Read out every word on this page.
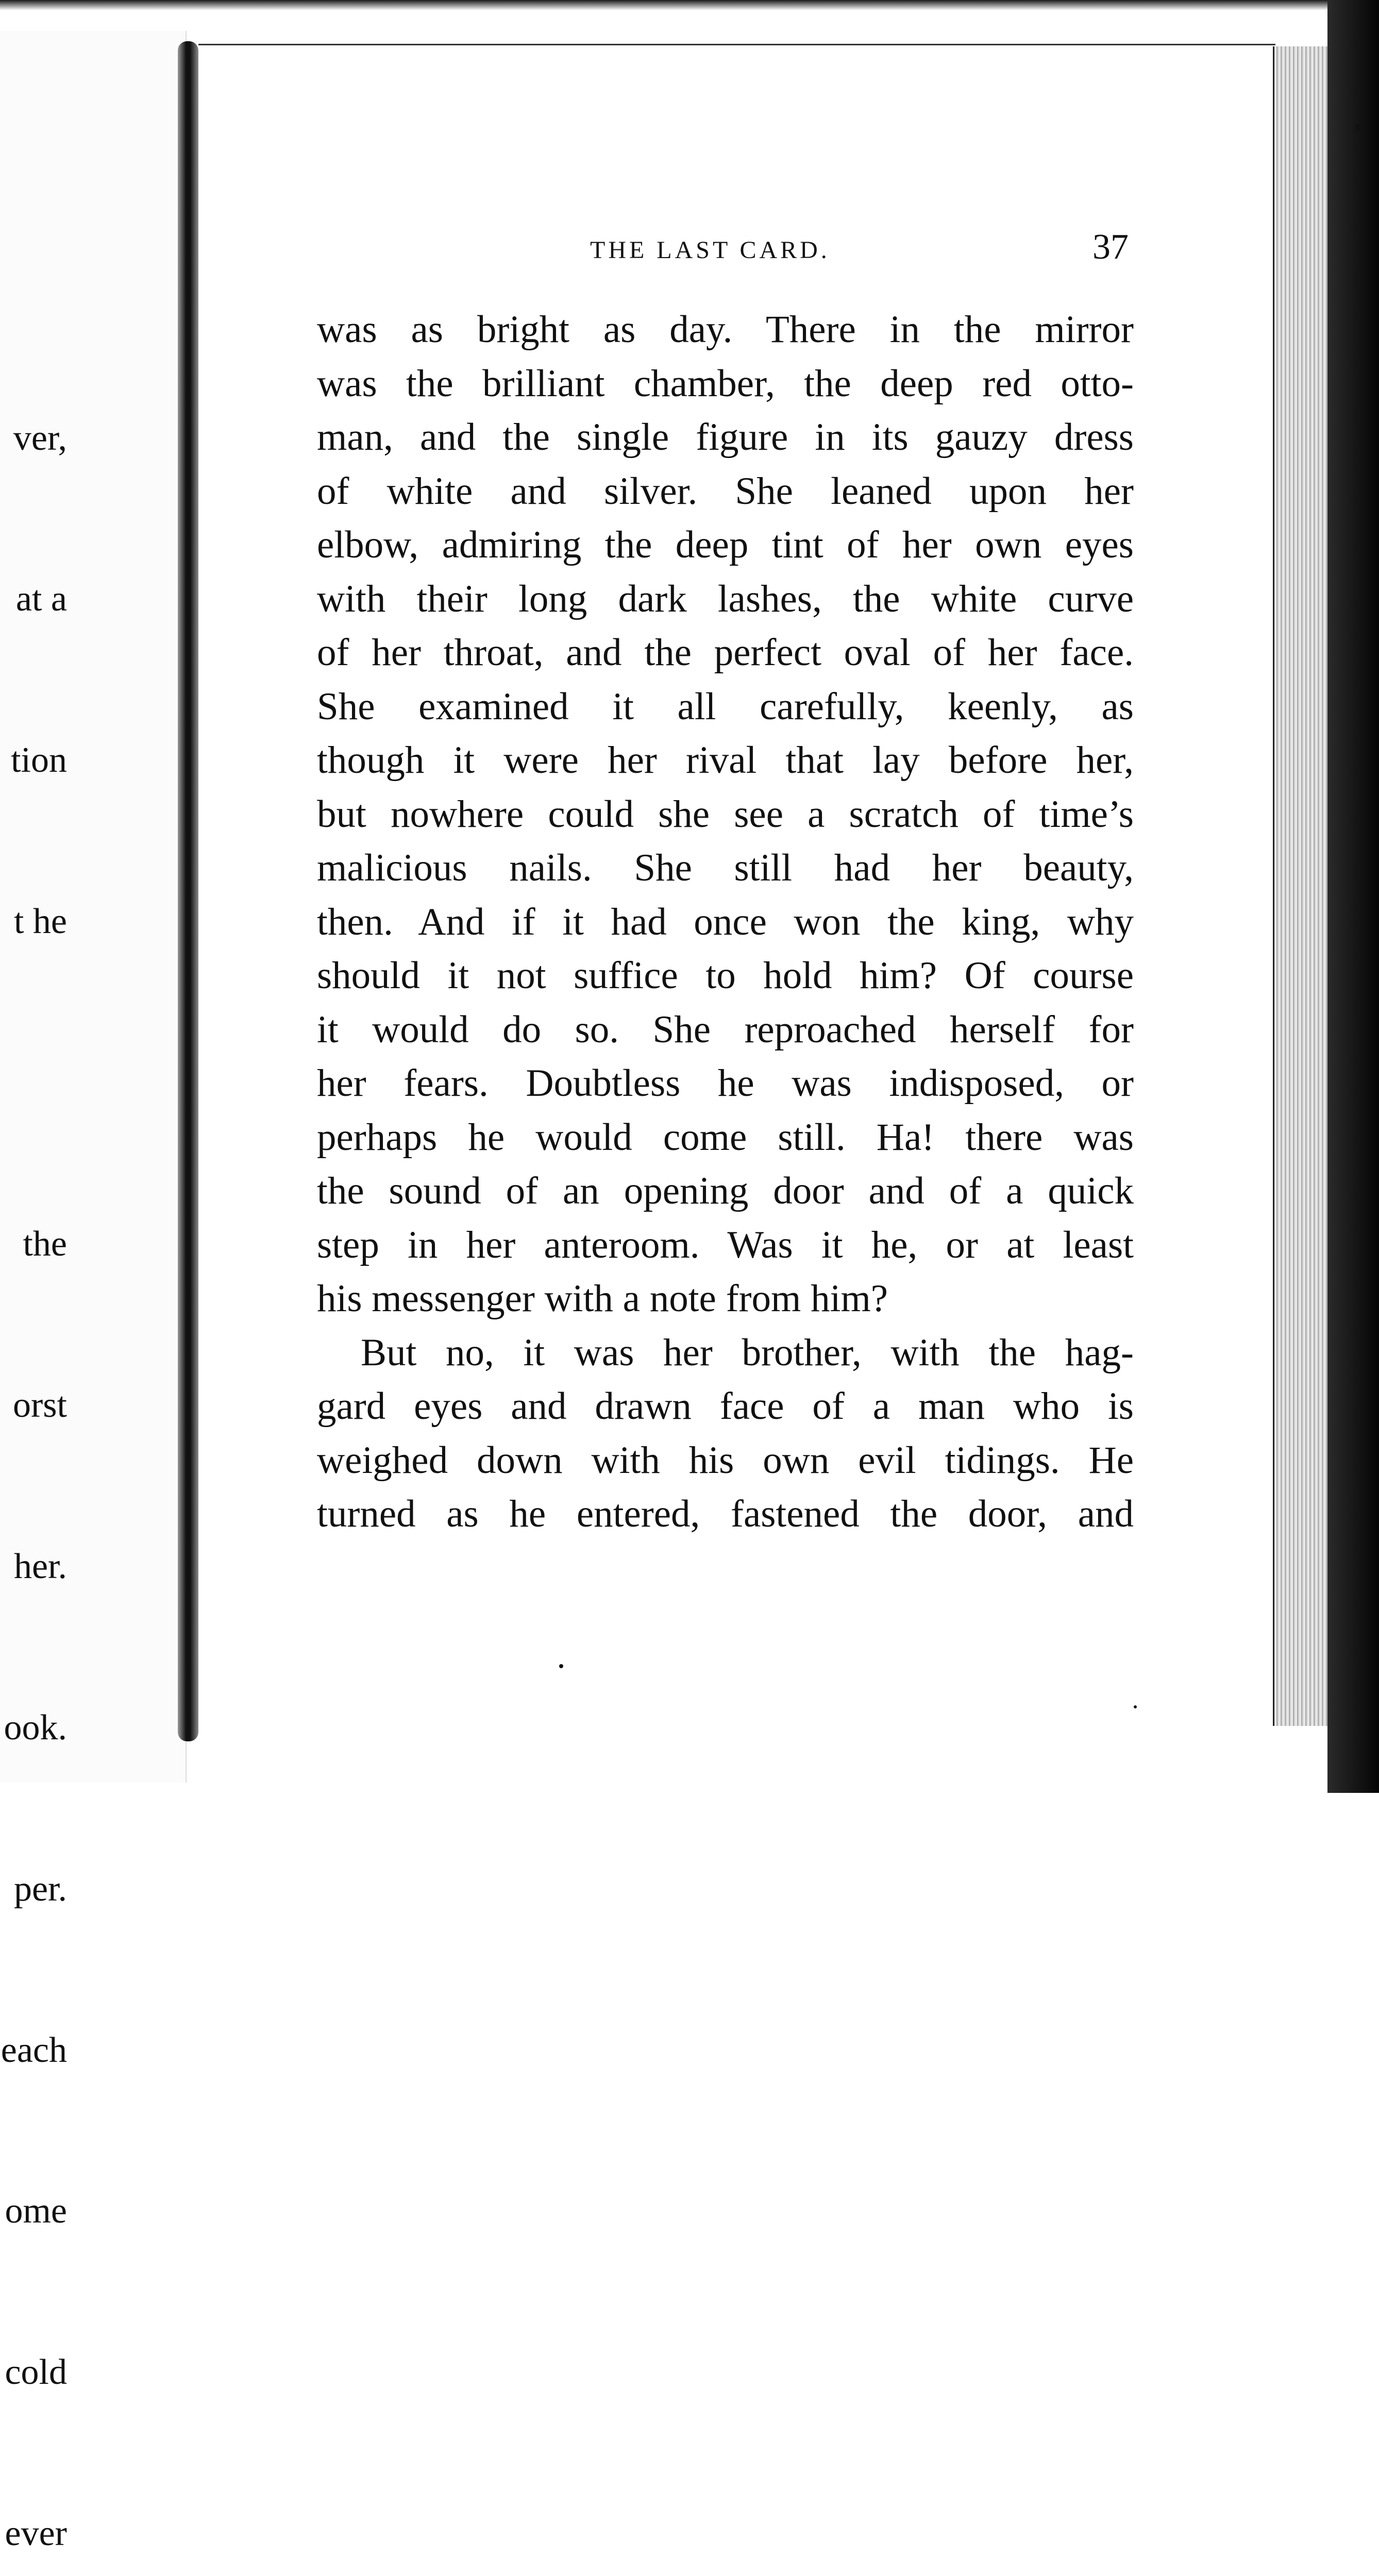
ver,

at a

tion

t he

the

orst

her.

ook.

per.

each

ome

cold

ever

THE LAST CARD.	37
was as bright as day. There in the mirror
was the brilliant chamber, the deep red otto-
man, and the single figure in its gauzy dress
of white and silver. She leaned upon her
elbow, admiring the deep tint of her own eyes
with their long dark lashes, the white curve
of her throat, and the perfect oval of her face.
She examined it all carefully, keenly, as
though it were her rival that lay before her,
but nowhere could she see a scratch of time’s
malicious nails. She still had her beauty,
then. And if it had once won the king, why
should it not suffice to hold him? Of course
it would do so. She reproached herself for
her fears. Doubtless he was indisposed, or
perhaps he would come still. Ha! there was
the sound of an opening door and of a quick
step in her anteroom. Was it he, or at least
his messenger with a note from him?
But no, it was her brother, with the hag-
gard eyes and drawn face of a man who is
weighed down with his own evil tidings. He
turned as he entered, fastened the door, and
